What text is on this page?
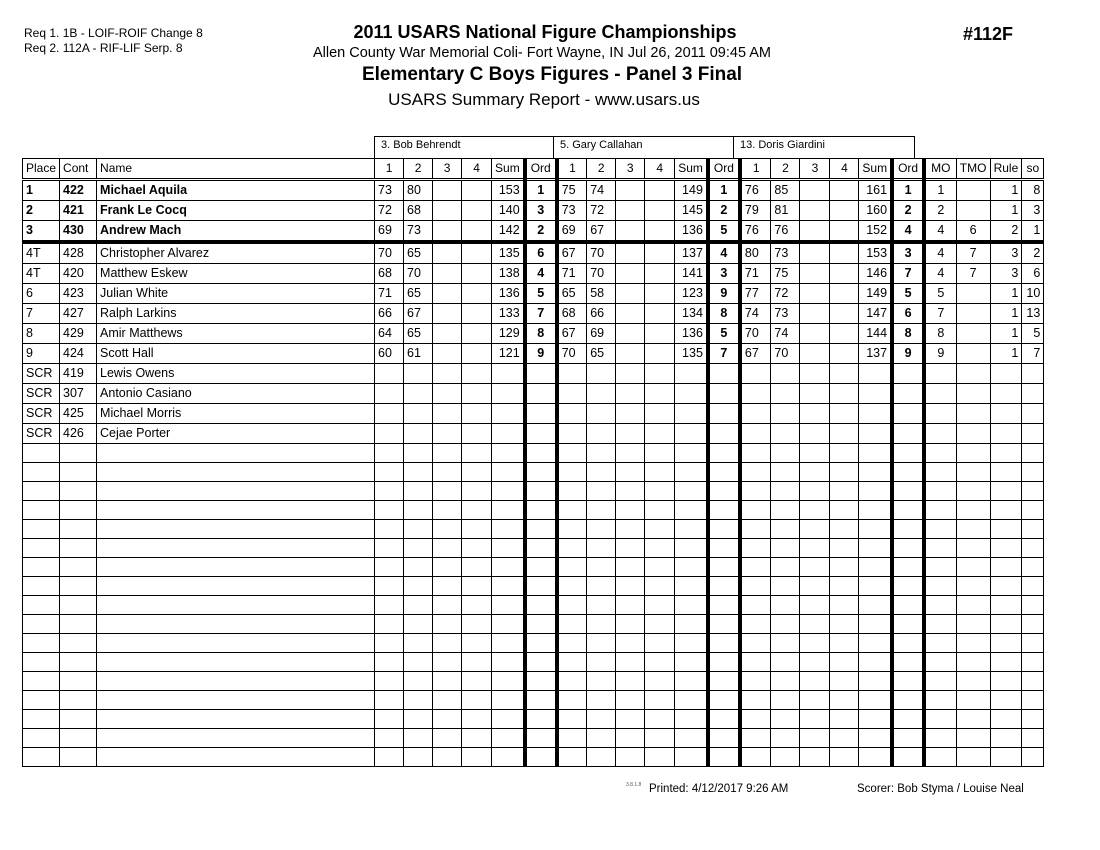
Req 1. 1B - LOIF-ROIF Change 8
Req 2. 112A - RIF-LIF Serp. 8
2011 USARS National Figure Championships
Allen County War Memorial Coli- Fort Wayne, IN Jul 26, 2011 09:45 AM
Elementary C Boys Figures - Panel 3 Final
USARS Summary Report - www.usars.us
#112F
3. Bob Behrendt	5. Gary Callahan	13. Doris Giardini
Place	Cont	Name	1	2	3	4	Sum	Ord	1	2	3	4	Sum	Ord	1	2	3	4	Sum	Ord	MO	TMO	Rule	so
1	422	Michael Aquila	73	80			153	1	75	74			149	1	76	85			161	1	1		1	8
2	421	Frank Le Cocq	72	68			140	3	73	72			145	2	79	81			160	2	2		1	3
3	430	Andrew Mach	69	73			142	2	69	67			136	5	76	76			152	4	4	6	2	1
4T	428	Christopher Alvarez	70	65			135	6	67	70			137	4	80	73			153	3	4	7	3	2
4T	420	Matthew Eskew	68	70			138	4	71	70			141	3	71	75			146	7	4	7	3	6
6	423	Julian White	71	65			136	5	65	58			123	9	77	72			149	5	5		1	10
7	427	Ralph Larkins	66	67			133	7	68	66			134	8	74	73			147	6	7		1	13
8	429	Amir Matthews	64	65			129	8	67	69			136	5	70	74			144	8	8		1	5
9	424	Scott Hall	60	61			121	9	70	65			135	7	67	70			137	9	9		1	7
SCR	419	Lewis Owens																						
SCR	307	Antonio Casiano																						
SCR	425	Michael Morris																						
SCR	426	Cejae Porter																						

3.8.1.8 Printed: 4/12/2017 9:26 AM	Scorer: Bob Styma / Louise Neal
